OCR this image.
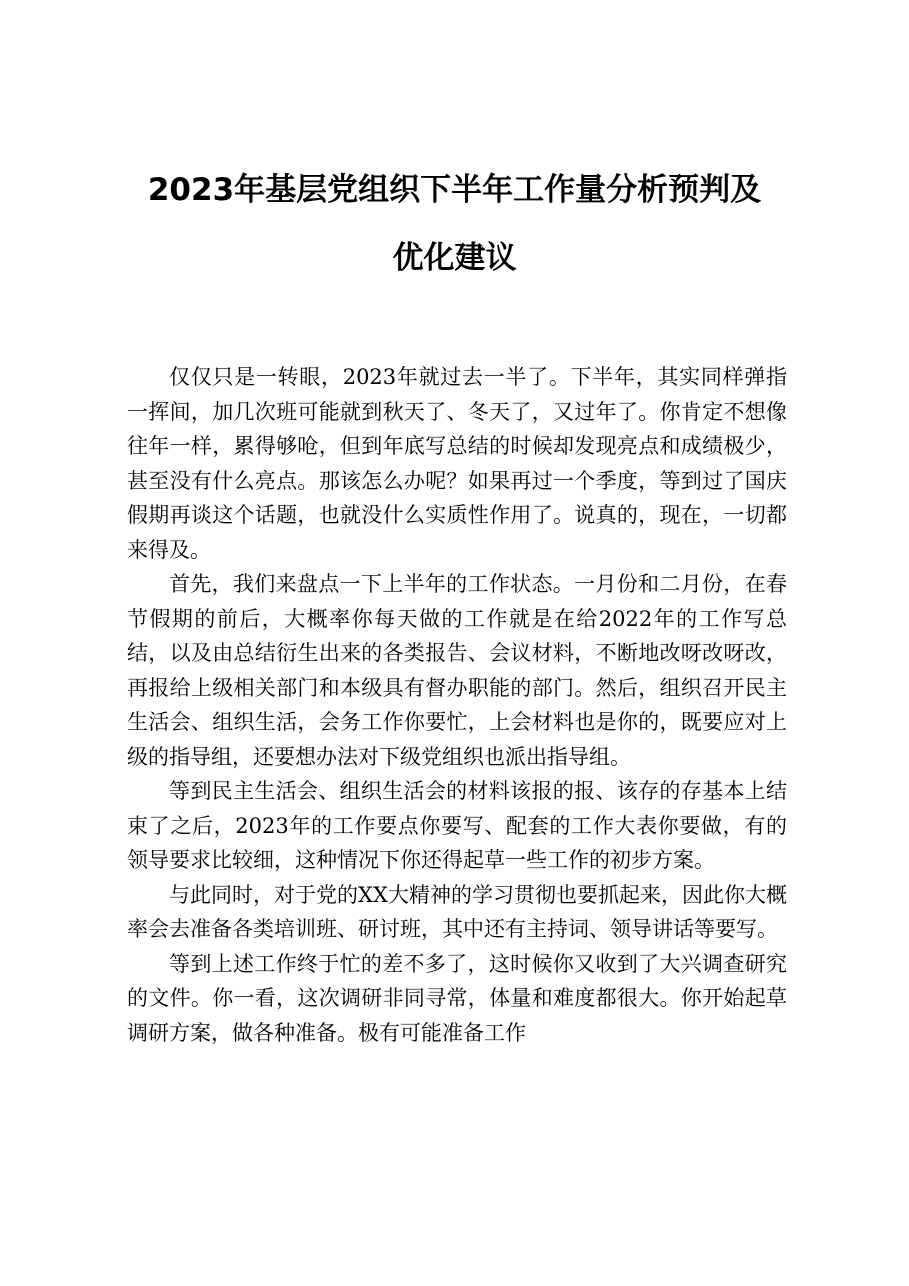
2023年基层党组织下半年工作量分析预判及
优化建议

仅仅只是一转眼，2023年就过去一半了。下半年，其实同样弹指一挥间，加几次班可能就到秋天了、冬天了，又过年了。你肯定不想像往年一样，累得够呛，但到年底写总结的时候却发现亮点和成绩极少，甚至没有什么亮点。那该怎么办呢？如果再过一个季度，等到过了国庆假期再谈这个话题，也就没什么实质性作用了。说真的，现在，一切都来得及。

首先，我们来盘点一下上半年的工作状态。一月份和二月份，在春节假期的前后，大概率你每天做的工作就是在给2022年的工作写总结，以及由总结衍生出来的各类报告、会议材料，不断地改呀改呀改，再报给上级相关部门和本级具有督办职能的部门。然后，组织召开民主生活会、组织生活，会务工作你要忙，上会材料也是你的，既要应对上级的指导组，还要想办法对下级党组织也派出指导组。

等到民主生活会、组织生活会的材料该报的报、该存的存基本上结束了之后，2023年的工作要点你要写、配套的工作大表你要做，有的领导要求比较细，这种情况下你还得起草一些工作的初步方案。

与此同时，对于党的XX大精神的学习贯彻也要抓起来，因此你大概率会去准备各类培训班、研讨班，其中还有主持词、领导讲话等要写。

等到上述工作终于忙的差不多了，这时候你又收到了大兴调查研究的文件。你一看，这次调研非同寻常，体量和难度都很大。你开始起草调研方案，做各种准备。极有可能准备工作
